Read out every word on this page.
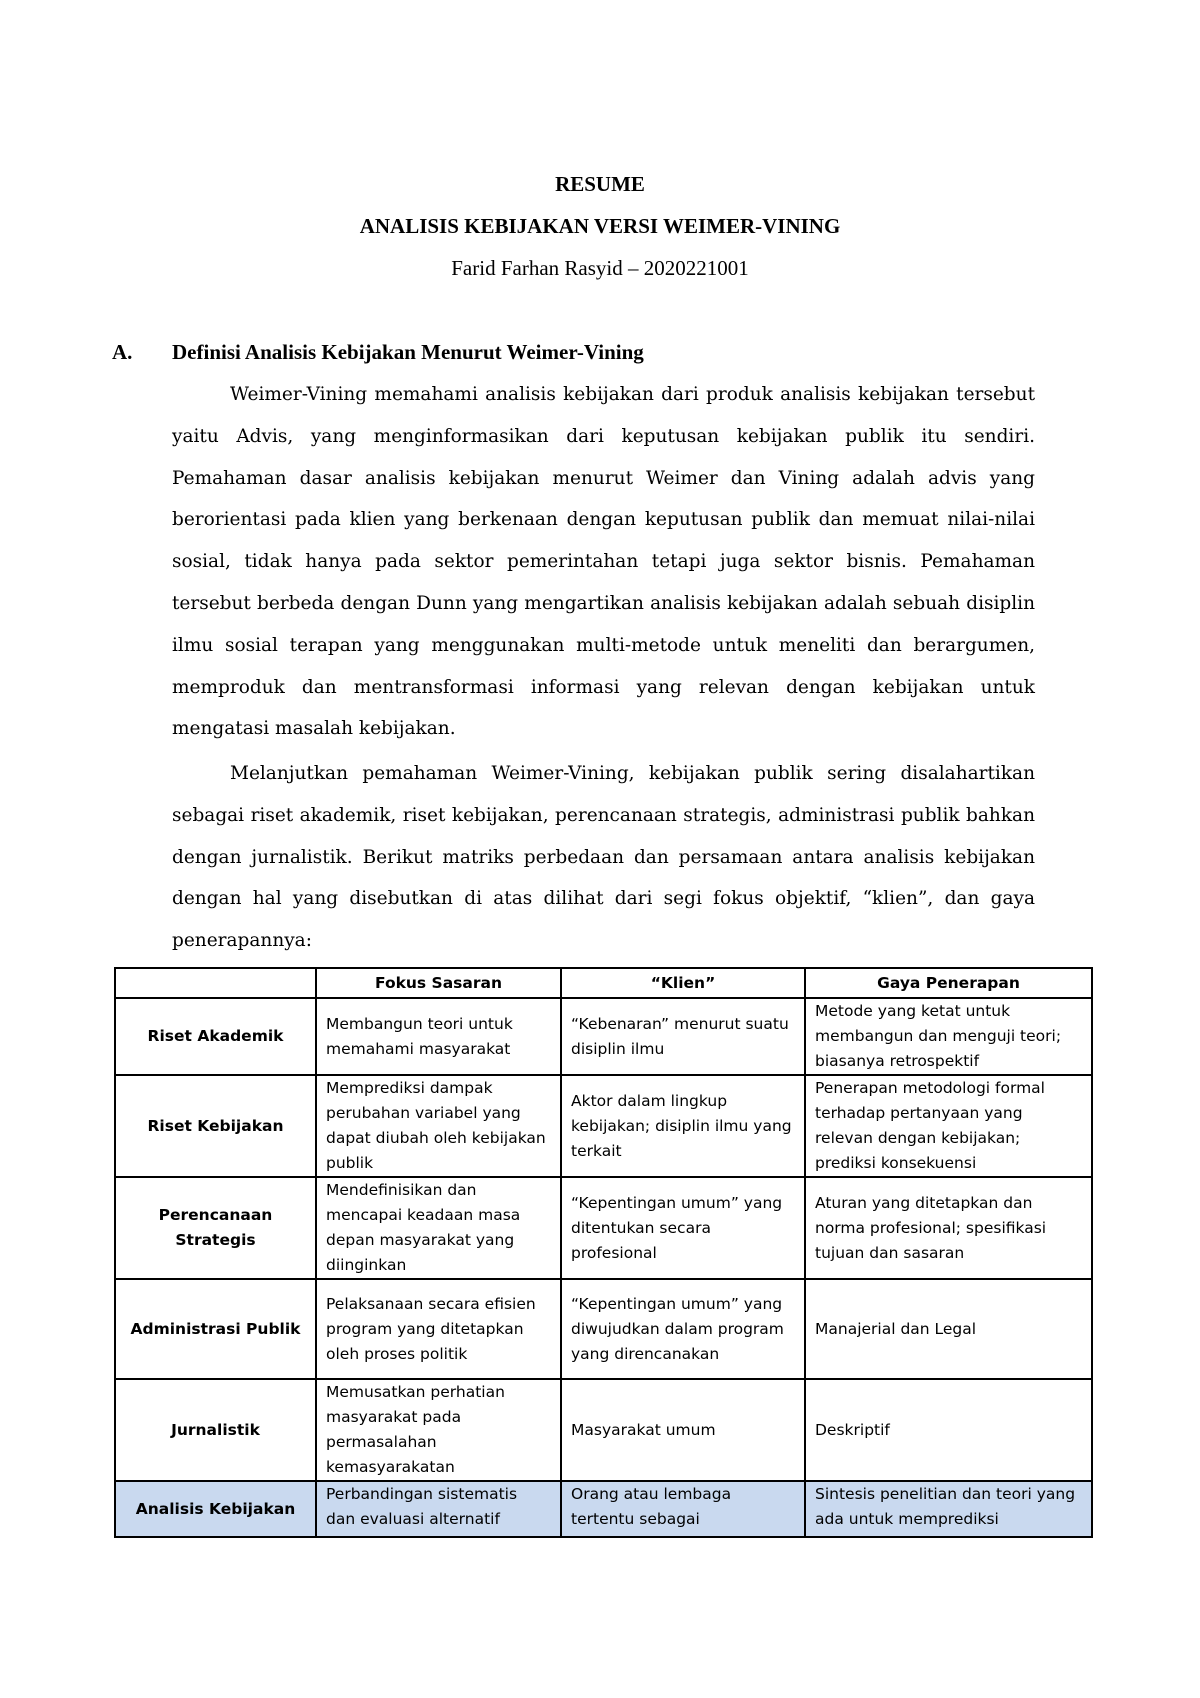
RESUME
ANALISIS KEBIJAKAN VERSI WEIMER-VINING
Farid Farhan Rasyid – 2020221001
A. Definisi Analisis Kebijakan Menurut Weimer-Vining

Weimer-Vining memahami analisis kebijakan dari produk analisis kebijakan tersebut yaitu Advis, yang menginformasikan dari keputusan kebijakan publik itu sendiri. Pemahaman dasar analisis kebijakan menurut Weimer dan Vining adalah advis yang berorientasi pada klien yang berkenaan dengan keputusan publik dan memuat nilai-nilai sosial, tidak hanya pada sektor pemerintahan tetapi juga sektor bisnis. Pemahaman tersebut berbeda dengan Dunn yang mengartikan analisis kebijakan adalah sebuah disiplin ilmu sosial terapan yang menggunakan multi-metode untuk meneliti dan berargumen, memproduk dan mentransformasi informasi yang relevan dengan kebijakan untuk mengatasi masalah kebijakan.

Melanjutkan pemahaman Weimer-Vining, kebijakan publik sering disalahartikan sebagai riset akademik, riset kebijakan, perencanaan strategis, administrasi publik bahkan dengan jurnalistik. Berikut matriks perbedaan dan persamaan antara analisis kebijakan dengan hal yang disebutkan di atas dilihat dari segi fokus objektif, “klien”, dan gaya penerapannya:

	Fokus Sasaran	“Klien”	Gaya Penerapan
Riset Akademik	Membangun teori untuk memahami masyarakat	“Kebenaran” menurut suatu disiplin ilmu	Metode yang ketat untuk membangun dan menguji teori; biasanya retrospektif
Riset Kebijakan	Memprediksi dampak perubahan variabel yang dapat diubah oleh kebijakan publik	Aktor dalam lingkup kebijakan; disiplin ilmu yang terkait	Penerapan metodologi formal terhadap pertanyaan yang relevan dengan kebijakan; prediksi konsekuensi
Perencanaan Strategis	Mendefinisikan dan mencapai keadaan masa depan masyarakat yang diinginkan	“Kepentingan umum” yang ditentukan secara profesional	Aturan yang ditetapkan dan norma profesional; spesifikasi tujuan dan sasaran
Administrasi Publik	Pelaksanaan secara efisien program yang ditetapkan oleh proses politik	“Kepentingan umum” yang diwujudkan dalam program yang direncanakan	Manajerial dan Legal
Jurnalistik	Memusatkan perhatian masyarakat pada permasalahan kemasyarakatan	Masyarakat umum	Deskriptif
Analisis Kebijakan	Perbandingan sistematis dan evaluasi alternatif	Orang atau lembaga tertentu sebagai	Sintesis penelitian dan teori yang ada untuk memprediksi
